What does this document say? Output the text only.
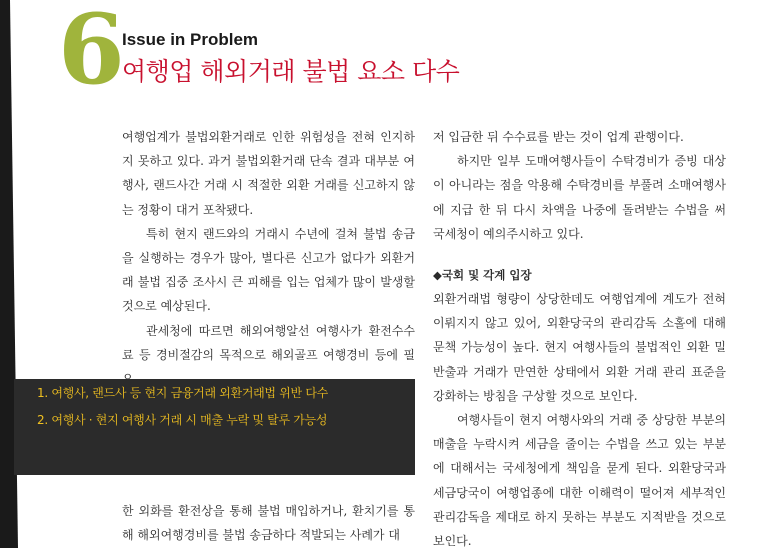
6
Issue in Problem
여행업 해외거래 불법 요소 다수

여행업계가 불법외환거래로 인한 위험성을 전혀 인지하지 못하고 있다. 과거 불법외환거래 단속 결과 대부분 여행사, 랜드사간 거래 시 적절한 외환 거래를 신고하지 않는 정황이 대거 포착됐다.

특히 현지 랜드와의 거래시 수년에 걸쳐 불법 송금을 실행하는 경우가 많아, 별다른 신고가 없다가 외환거래 불법 집중 조사시 큰 피해를 입는 업체가 많이 발생할 것으로 예상된다.

관세청에 따르면 해외여행알선 여행사가 환전수수료 등 경비절감의 목적으로 해외골프 여행경비 등에 필

1. 여행사, 랜드사 등 현지 금융거래 외환거래법 위반 다수
2. 여행사 · 현지 여행사 거래 시 매출 누락 및 탈루 가능성

한 외화를 환전상을 통해 불법 매입하거나, 환치기를 통해 해외여행경비를 불법 송금하다 적발되는 사례가 대

저 입금한 뒤 수수료를 받는 것이 업계 관행이다.

하지만 일부 도매여행사들이 수탁경비가 증빙 대상이 아니라는 점을 악용해 수탁경비를 부풀려 소매여행사에 지급 한 뒤 다시 차액을 나중에 돌려받는 수법을 써 국세청이 예의주시하고 있다.

◆국회 및 각계 입장

외환거래법 형량이 상당한데도 여행업계에 계도가 전혀 이뤄지지 않고 있어, 외환당국의 관리감독 소홀에 대해 문책 가능성이 높다. 현지 여행사들의 불법적인 외환 밀반출과 거래가 만연한 상태에서 외환 거래 관리 표준을 강화하는 방침을 구상할 것으로 보인다.

여행사들이 현지 여행사와의 거래 중 상당한 부분의 매출을 누락시켜 세금을 줄이는 수법을 쓰고 있는 부분에 대해서는 국세청에게 책임을 묻게 된다. 외환당국과 세금당국이 여행업종에 대한 이해력이 떨어져 세부적인 관리감독을 제대로 하지 못하는 부분도 지적받을 것으로 보인다.
